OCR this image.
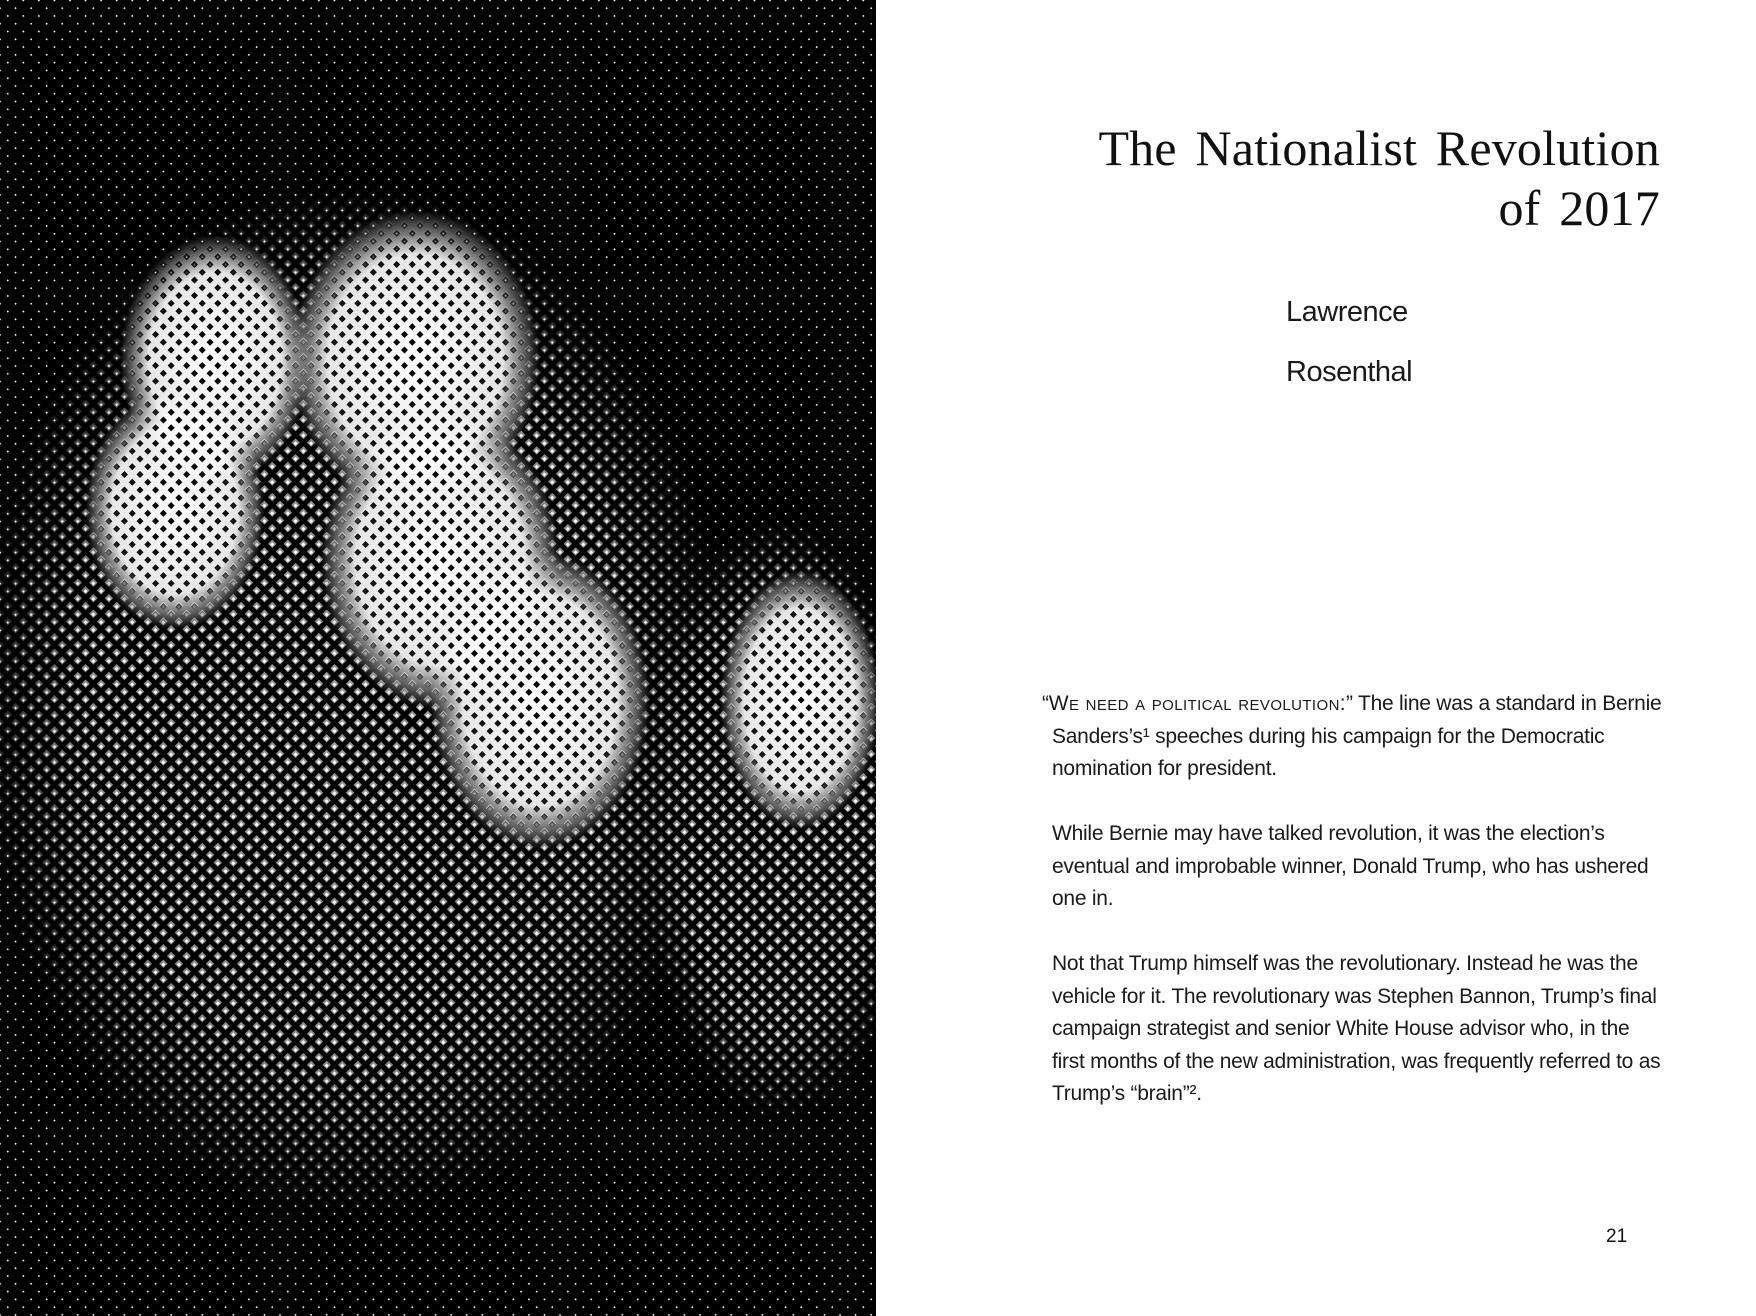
The Nationalist Revolution
of 2017
Lawrence
Rosenthal

“We need a political revolution:” The line was a standard in Bernie Sanders’s¹ speeches during his campaign for the Democratic nomination for president.

While Bernie may have talked revolution, it was the election’s eventual and improbable winner, Donald Trump, who has ushered one in.

Not that Trump himself was the revolutionary. Instead he was the vehicle for it. The revolutionary was Stephen Bannon, Trump’s final campaign strategist and senior White House advisor who, in the first months of the new administration, was frequently referred to as Trump’s “brain”².

21
